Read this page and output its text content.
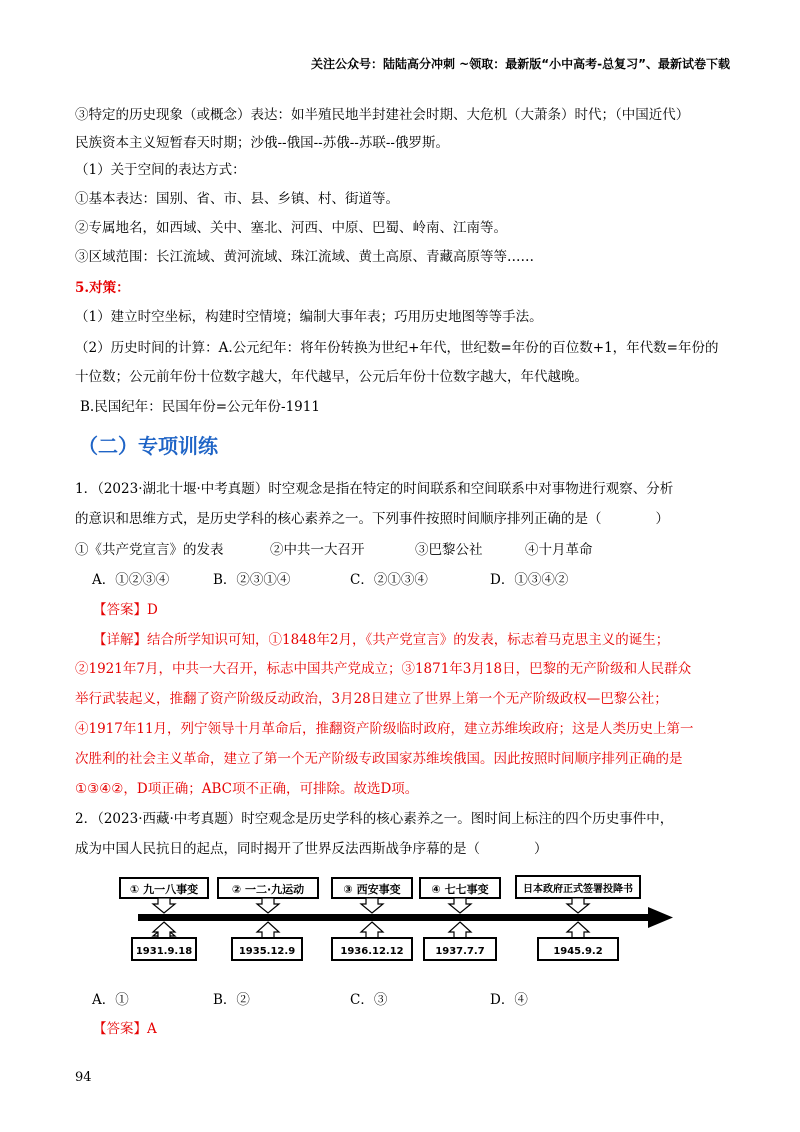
关注公众号：陆陆高分冲刺 ~领取：最新版“小中高考-总复习”、最新试卷下载
③特定的历史现象（或概念）表达：如半殖民地半封建社会时期、大危机（大萧条）时代；（中国近代）
民族资本主义短暂春天时期；沙俄--俄国--苏俄--苏联--俄罗斯。
（1）关于空间的表达方式：
①基本表达：国别、省、市、县、乡镇、村、街道等。
②专属地名，如西域、关中、塞北、河西、中原、巴蜀、岭南、江南等。
③区域范围：长江流域、黄河流域、珠江流域、黄土高原、青藏高原等等……
5.对策：
（1）建立时空坐标，构建时空情境；编制大事年表；巧用历史地图等等手法。
（2）历史时间的计算：A.公元纪年：将年份转换为世纪+年代，世纪数=年份的百位数+1，年代数=年份的
十位数；公元前年份十位数字越大，年代越早，公元后年份十位数字越大，年代越晚。
B.民国纪年：民国年份=公元年份-1911
（二）专项训练
1．（2023·湖北十堰·中考真题）时空观念是指在特定的时间联系和空间联系中对事物进行观察、分析
的意识和思维方式，是历史学科的核心素养之一。下列事件按照时间顺序排列正确的是（　　　　）
①《共产党宣言》的发表	②中共一大召开	③巴黎公社	④十月革命
A．①②③④	B．②③①④	C．②①③④	D．①③④②
【答案】D
【详解】结合所学知识可知，①1848年2月，《共产党宣言》的发表，标志着马克思主义的诞生；
②1921年7月，中共一大召开，标志中国共产党成立；③1871年3月18日，巴黎的无产阶级和人民群众
举行武装起义，推翻了资产阶级反动政治，3月28日建立了世界上第一个无产阶级政权—巴黎公社；
④1917年11月，列宁领导十月革命后，推翻资产阶级临时政府，建立苏维埃政府；这是人类历史上第一
次胜利的社会主义革命，建立了第一个无产阶级专政国家苏维埃俄国。因此按照时间顺序排列正确的是
①③④②，D项正确；ABC项不正确，可排除。故选D项。
2．（2023·西藏·中考真题）时空观念是历史学科的核心素养之一。图时间上标注的四个历史事件中，
成为中国人民抗日的起点，同时揭开了世界反法西斯战争序幕的是（　　　　）
① 九一八事变	② 一二·九运动	③ 西安事变	④ 七七事变	日本政府正式签署投降书
1931.9.18	1935.12.9	1936.12.12	1937.7.7	1945.9.2
A．①	B．②	C．③	D．④
【答案】A
94
